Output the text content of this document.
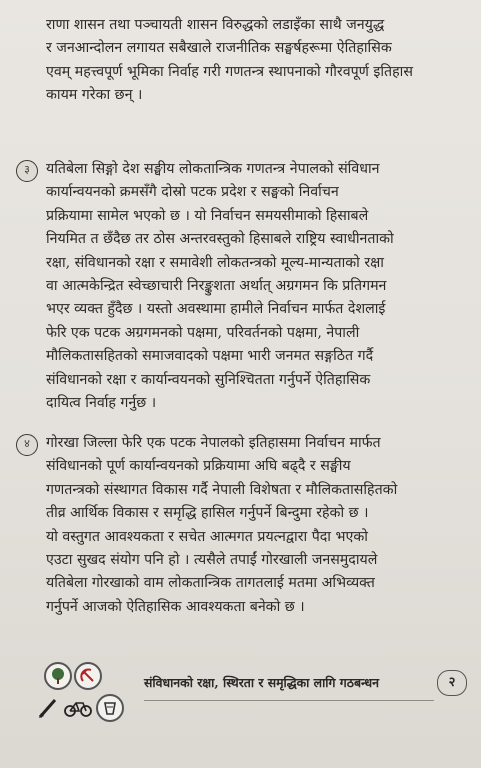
राणा शासन तथा पञ्चायती शासन विरुद्धको लडाइँका साथै जनयुद्ध
र जनआन्दोलन लगायत सबैखाले राजनीतिक सङ्घर्षहरूमा ऐतिहासिक
एवम् महत्त्वपूर्ण भूमिका निर्वाह गरी गणतन्त्र स्थापनाको गौरवपूर्ण इतिहास
कायम गरेका छन् ।
३	यतिबेला सिङ्गो देश सङ्घीय लोकतान्त्रिक गणतन्त्र नेपालको संविधान
कार्यान्वयनको क्रमसँगै दोस्रो पटक प्रदेश र सङ्घको निर्वाचन
प्रक्रियामा सामेल भएको छ । यो निर्वाचन समयसीमाको हिसाबले
नियमित त छँदैछ तर ठोस अन्तरवस्तुको हिसाबले राष्ट्रिय स्वाधीनताको
रक्षा, संविधानको रक्षा र समावेशी लोकतन्त्रको मूल्य-मान्यताको रक्षा
वा आत्मकेन्द्रित स्वेच्छाचारी निरङ्कुशता अर्थात् अग्रगमन कि प्रतिगमन
भएर व्यक्त हुँदैछ । यस्तो अवस्थामा हामीले निर्वाचन मार्फत देशलाई
फेरि एक पटक अग्रगमनको पक्षमा, परिवर्तनको पक्षमा, नेपाली
मौलिकतासहितको समाजवादको पक्षमा भारी जनमत सङ्गठित गर्दै
संविधानको रक्षा र कार्यान्वयनको सुनिश्चितता गर्नुपर्ने ऐतिहासिक
दायित्व निर्वाह गर्नुछ ।
४	गोरखा जिल्ला फेरि एक पटक नेपालको इतिहासमा निर्वाचन मार्फत
संविधानको पूर्ण कार्यान्वयनको प्रक्रियामा अघि बढ्दै र सङ्घीय
गणतन्त्रको संस्थागत विकास गर्दै नेपाली विशेषता र मौलिकतासहितको
तीव्र आर्थिक विकास र समृद्धि हासिल गर्नुपर्ने बिन्दुमा रहेको छ ।
यो वस्तुगत आवश्यकता र सचेत आत्मगत प्रयत्नद्वारा पैदा भएको
एउटा सुखद संयोग पनि हो । त्यसैले तपाईं गोरखाली जनसमुदायले
यतिबेला गोरखाको वाम लोकतान्त्रिक तागतलाई मतमा अभिव्यक्त
गर्नुपर्ने आजको ऐतिहासिक आवश्यकता बनेको छ ।
संविधानको रक्षा, स्थिरता र समृद्धिका लागि गठबन्धन	२
